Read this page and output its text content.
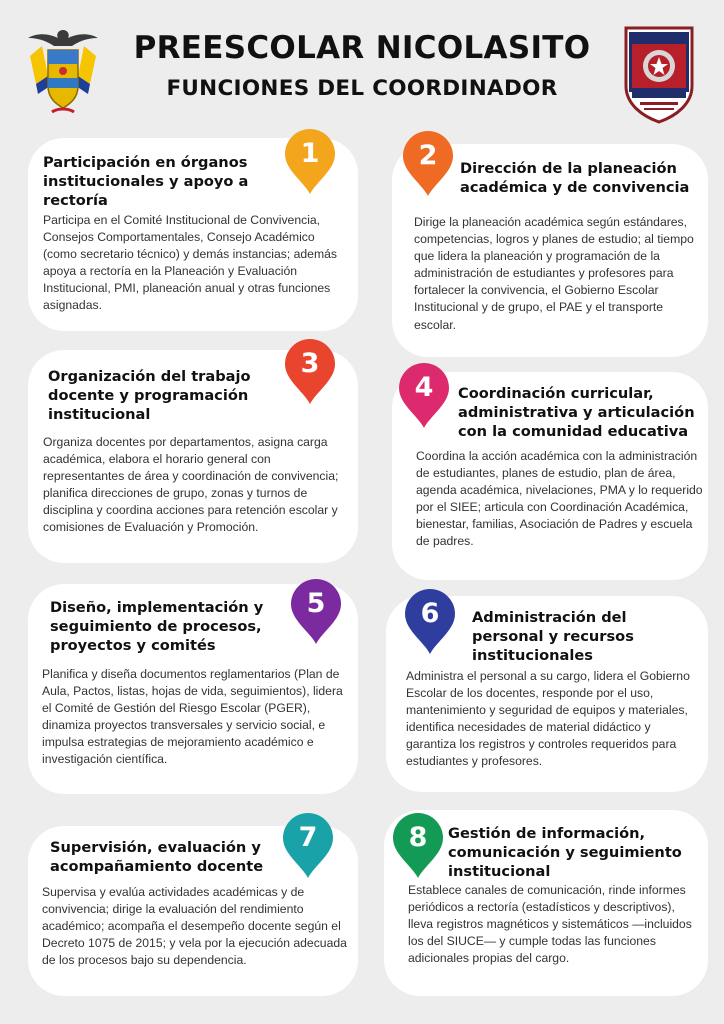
PREESCOLAR NICOLASITO
FUNCIONES DEL COORDINADOR
Participación en órganos institucionales y apoyo a rectoría

Participa en el Comité Institucional de Convivencia, Consejos Comportamentales, Consejo Académico (como secretario técnico) y demás instancias; además apoya a rectoría en la Planeación y Evaluación Institucional, PMI, planeación anual y otras funciones asignadas.

1	Dirección de la planeación académica y de convivencia

Dirige la planeación académica según estándares, competencias, logros y planes de estudio; al tiempo que lidera la planeación y programación de la administración de estudiantes y profesores para fortalecer la convivencia, el Gobierno Escolar Institucional y de grupo, el PAE y el transporte escolar.

2
Organización del trabajo docente y programación institucional

Organiza docentes por departamentos, asigna carga académica, elabora el horario general con representantes de área y coordinación de convivencia; planifica direcciones de grupo, zonas y turnos de disciplina y coordina acciones para retención escolar y comisiones de Evaluación y Promoción.

3
Coordinación curricular, administrativa y articulación con la comunidad educativa

Coordina la acción académica con la administración de estudiantes, planes de estudio, plan de área, agenda académica, nivelaciones, PMA y lo requerido por el SIEE; articula con Coordinación Académica, bienestar, familias, Asociación de Padres y escuela de padres.

4
Diseño, implementación y seguimiento de procesos, proyectos y comités

Planifica y diseña documentos reglamentarios (Plan de Aula, Pactos, listas, hojas de vida, seguimientos), lidera el Comité de Gestión del Riesgo Escolar (PGER), dinamiza proyectos transversales y servicio social, e impulsa estrategias de mejoramiento académico e investigación científica.

5	Administración del personal y recursos institucionales

Administra el personal a su cargo, lidera el Gobierno Escolar de los docentes, responde por el uso, mantenimiento y seguridad de equipos y materiales, identifica necesidades de material didáctico y garantiza los registros y controles requeridos para estudiantes y profesores.

6
Supervisión, evaluación y acompañamiento docente

Supervisa y evalúa actividades académicas y de convivencia; dirige la evaluación del rendimiento académico; acompaña el desempeño docente según el Decreto 1075 de 2015; y vela por la ejecución adecuada de los procesos bajo su dependencia.

7	Gestión de información, comunicación y seguimiento institucional

Establece canales de comunicación, rinde informes periódicos a rectoría (estadísticos y descriptivos), lleva registros magnéticos y sistemáticos —incluidos los del SIUCE— y cumple todas las funciones adicionales propias del cargo.

8
